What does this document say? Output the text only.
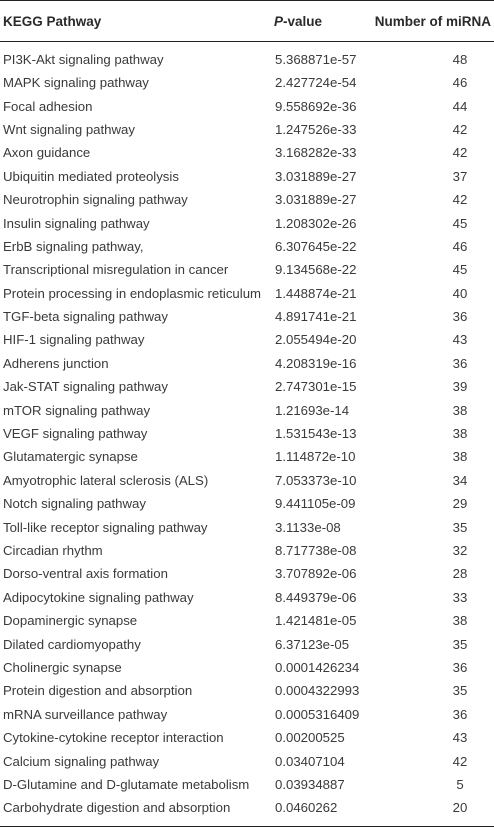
KEGG Pathway	P-value	Number of miRNA
PI3K-Akt signaling pathway	5.368871e-57	48
MAPK signaling pathway	2.427724e-54	46
Focal adhesion	9.558692e-36	44
Wnt signaling pathway	1.247526e-33	42
Axon guidance	3.168282e-33	42
Ubiquitin mediated proteolysis	3.031889e-27	37
Neurotrophin signaling pathway	3.031889e-27	42
Insulin signaling pathway	1.208302e-26	45
ErbB signaling pathway,	6.307645e-22	46
Transcriptional misregulation in cancer	9.134568e-22	45
Protein processing in endoplasmic reticulum	1.448874e-21	40
TGF-beta signaling pathway	4.891741e-21	36
HIF-1 signaling pathway	2.055494e-20	43
Adherens junction	4.208319e-16	36
Jak-STAT signaling pathway	2.747301e-15	39
mTOR signaling pathway	1.21693e-14	38
VEGF signaling pathway	1.531543e-13	38
Glutamatergic synapse	1.114872e-10	38
Amyotrophic lateral sclerosis (ALS)	7.053373e-10	34
Notch signaling pathway	9.441105e-09	29
Toll-like receptor signaling pathway	3.1133e-08	35
Circadian rhythm	8.717738e-08	32
Dorso-ventral axis formation	3.707892e-06	28
Adipocytokine signaling pathway	8.449379e-06	33
Dopaminergic synapse	1.421481e-05	38
Dilated cardiomyopathy	6.37123e-05	35
Cholinergic synapse	0.0001426234	36
Protein digestion and absorption	0.0004322993	35
mRNA surveillance pathway	0.0005316409	36
Cytokine-cytokine receptor interaction	0.00200525	43
Calcium signaling pathway	0.03407104	42
D-Glutamine and D-glutamate metabolism	0.03934887	5
Carbohydrate digestion and absorption	0.0460262	20
